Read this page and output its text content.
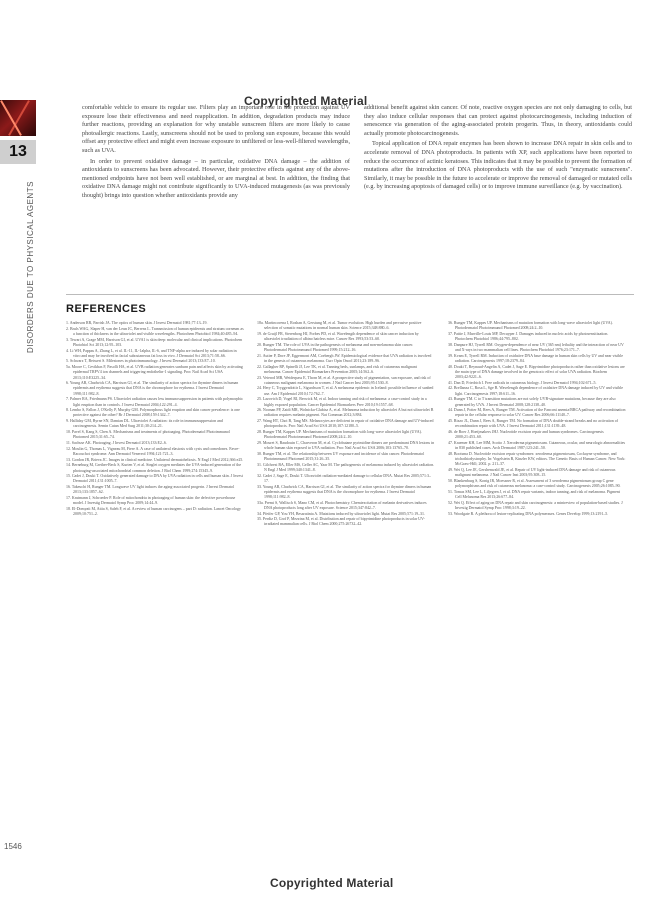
13
DISORDERS DUE TO PHYSICAL AGENTS
1546
Copyrighted Material
Copyrighted Material

comfortable vehicle to ensure its regular use. Filters play an important role in the protection against UV exposure lose their effectiveness and need reapplication. In addition, degradation products may induce further reactions, providing an explanation for why unstable sunscreen filters are more likely to cause photoallergic reactions. Lastly, sunscreens should not be used to prolong sun exposure, because this would offset any protective effect and might even increase exposure to unfiltered or less-well-filtered wavelengths, such as UVA.

In order to prevent oxidative damage – in particular, oxidative DNA damage – the addition of antioxidants to sunscreens has been advocated. However, their protective effects against any of the above-mentioned endpoints have not been well established, or are marginal at best. In addition, the finding that oxidative DNA damage might not contribute significantly to UVA-induced mutagenesis (as was previously thought) brings into question whether antioxidants provide any

additional benefit against skin cancer. Of note, reactive oxygen species are not only damaging to cells, but they also induce cellular responses that can protect against photocarcinogenesis, including induction of senescence via generation of the aging-associated protein progerin. Thus, in theory, antioxidants could actually promote photocarcinogenesis.

Topical application of DNA repair enzymes has been shown to increase DNA repair in skin cells and to accelerate removal of DNA photoproducts. In patients with XP, such applications have been reported to reduce the occurrence of actinic keratoses. This indicates that it may be possible to prevent the formation of mutations after the introduction of DNA photoproducts with the use of such "enzymatic sunscreens". Similarly, it may be possible in the future to accelerate or improve the removal of damaged or mutated cells (e.g. by increasing apoptosis of damaged cells) or to improve immune surveillance (e.g. by vaccination).

REFERENCES
1. Anderson RR, Parrish JA. The optics of human skin. J Invest Dermatol 1981;77:13–19.
2. Bruls WAG, Slaper H, van der Leun JC, Berrens L. Transmission of human epidermis and stratum corneum as a function of thickness in the ultraviolet and visible wavelengths. Photochem Photobiol 1984;40:485–94.
3. Tewari A, Grage MM, Harrison GI, et al. UVA1 is skin deep: molecular and clinical implications. Photochem Photobiol Sci 2013;12:95–103.
4. Li WH, Pappas A, Zhang L, et al. IL-11, IL-1alpha, IL-6, and TNF-alpha are induced by solar radiation in vitro and may be involved in facial subcutaneous fat loss in vivo. J Dermatol Sci 2013;71:58–66.
5. Schwarz T, Beissert S. Milestones in photoimmunology. J Invest Dermatol 2013;133:E7–10.
5a. Moore C, Cevikbas F, Pasolli HA, et al. UVB radiation generates sunburn pain and affects skin by activating epidermal TRPV4 ion channels and triggering endothelin-1 signaling. Proc Natl Acad Sci USA 2013;110:E3225–34.
6. Young AR, Chadwick CA, Harrison GI, et al. The similarity of action spectra for thymine dimers in human epidermis and erythema suggests that DNA is the chromophore for erythema. J Invest Dermatol 1998;111:982–8.
7. Palmer RA, Friedmann PS. Ultraviolet radiation causes less immunosuppression in patients with polymorphic light eruption than in controls. J Invest Dermatol 2004;122:291–4.
8. Lembo S, Fallon J, O'Kelly P, Murphy GM. Polymorphous light eruption and skin cancer prevalence: is one protective against the other? Br J Dermatol 2008;159:1342–7.
9. Halliday GM, Byrne SN, Damian DL. Ultraviolet A radiation: its role in immunosuppression and carcinogenesis. Semin Cutan Med Surg 2011;30:214–21.
10. Pavel S, Kang S, Chen A. Mechanisms and treatments of photoaging. Photodermatol Photoimmunol Photomed 2015;31:65–74.
11. Sachsse AK. Photoaging. J Invest Dermatol 2013;133:E2–6.
12. Moulin G, Thomas L, Vigneau M, Fiere A. A case of unilateral elastosis with cysts and comedones. Favre-Racouchot syndrome. Ann Dermatol Venereol 1994;121:721–3.
13. Gordon JR, Brieva JC. Images in clinical medicine. Unilateral dermatoheliosis. N Engl J Med 2012;366:e25.
14. Berneburg M, Grether-Beck S, Kurten V, et al. Singlet oxygen mediates the UVA-induced generation of the photoaging-associated mitochondrial common deletion. J Biol Chem 1999;274:15345–9.
15. Cadet J, Douki T. Oxidatively generated damage to DNA by UVA radiation in cells and human skin. J Invest Dermatol 2011;131:1005–7.
16. Takeuchi H, Runger TM. Longwave UV light induces the aging-associated progerin. J Invest Dermatol 2013;133:1857–62.
17. Krutmann J, Schroeder P. Role of mitochondria in photoaging of human skin: the defective powerhouse model. J Investig Dermatol Symp Proc 2009;14:44–9.
18. El-Domyati M, Attia S, Saleh F, et al. A review of human carcinogens – part D: radiation. Lancet Oncology 2009;10:751–2.
18a. Martincorena I, Roshan A, Gerstung M, et al. Tumor evolution. High burden and pervasive positive selection of somatic mutations in normal human skin. Science 2015;348:880–6.
19. de Gruijl FR, Sterenborg HJ, Forbes PD, et al. Wavelength dependence of skin cancer induction by ultraviolet irradiation of albino hairless mice. Cancer Res 1993;53:53–60.
20. Runger TM. The role of UVA in the pathogenesis of melanoma and non-melanoma skin cancer. Photodermatol Photoimmunol Photomed 1999;15:212–16.
21. Autier P, Dore JF, Eggermont AM, Coebergh JW. Epidemiological evidence that UVA radiation is involved in the genesis of cutaneous melanoma. Curr Opin Oncol 2011;23:189–96.
22. Gallagher RP, Spinelli JJ, Lee TK, et al. Tanning beds, sunlamps, and risk of cutaneous malignant melanoma. Cancer Epidemiol Biomarkers Prevention 2005;14:562–6.
23. Veierod MB, Weiderpass E, Thorn M, et al. A prospective study of pigmentation, sun exposure, and risk of cutaneous malignant melanoma in women. J Natl Cancer Inst 2003;95:1530–8.
24. Hery C, Tryggvadottir L, Sigurdsson T, et al. A melanoma epidemic in Iceland: possible influence of sunbed use. Am J Epidemiol 2010;172:762–7.
25. Lazovich D, Vogel RI, Berwick M, et al. Indoor tanning and risk of melanoma: a case-control study in a highly exposed population. Cancer Epidemiol Biomarkers Prev 2010;19:1557–68.
26. Noonan FP, Zaidi MR, Wolnicka-Glubisz A, et al. Melanoma induction by ultraviolet A but not ultraviolet B radiation requires melanin pigment. Nat Commun 2012;3:884.
27. Wang HT, Choi B, Tang MS. Melanocytes are deficient in repair of oxidative DNA damage and UV-induced photoproducts. Proc Natl Acad Sci USA 2010;107:12180–5.
28. Runger TM, Kappes UP. Mechanisms of mutation formation with long-wave ultraviolet light (UVA). Photodermatol Photoimmunol Photomed 2008;24:2–10.
29. Mouret S, Baudouin C, Charveron M, et al. Cyclobutane pyrimidine dimers are predominant DNA lesions in whole human skin exposed to UVA radiation. Proc Natl Acad Sci USA 2006;103:13765–70.
30. Runger TM, et al. The relationship between UV exposure and incidence of skin cancer. Photodermatol Photoimmunol Photomed 2015;31:26–35.
31. Gilchrest BA, Eller MS, Geller AC, Yaar M. The pathogenesis of melanoma induced by ultraviolet radiation. N Engl J Med 1999;340:1341–8.
32. Cadet J, Sage E, Douki T. Ultraviolet radiation-mediated damage to cellular DNA. Mutat Res 2005;571:3–17.
33. Young AR, Chadwick CA, Harrison GI, et al. The similarity of action spectra for thymine dimers in human epidermis and erythema suggests that DNA is the chromophore for erythema. J Invest Dermatol 1998;111:982–8.
33a. Premi S, Wallisch S, Mano CM, et al. Photochemistry. Chemiexcitation of melanin derivatives induces DNA photoproducts long after UV exposure. Science 2015;347:842–7.
34. Pfeifer GP, You YH, Besaratinia A. Mutations induced by ultraviolet light. Mutat Res 2005;571:19–31.
35. Perdiz D, Grof P, Mezzina M, et al. Distribution and repair of bipyrimidine photoproducts in solar UV-irradiated mammalian cells. J Biol Chem 2000;275:26732–42.
36. Runger TM, Kappes UP. Mechanisms of mutation formation with long-wave ultraviolet light (UVA). Photodermatol Photoimmunol Photomed 2008;24:2–10.
37. Pattie J, Marville-Louis MP, Decuyper J. Damages induced in nucleic acids by photosensitization. Photochem Photobiol 1986;44:795–802.
38. Danpure HJ, Tyrrell RM. Oxygen-dependence of near UV (365 nm) lethality and the interaction of near UV and X-rays in two mammalian cell lines. Photochem Photobiol 1976;23:171–7.
39. Kvam E, Tyrrell RM. Induction of oxidative DNA base damage in human skin cells by UV and near visible radiation. Carcinogenesis 1997;18:2379–84.
40. Douki T, Reynaud-Angelin A, Cadet J, Sage E. Bipyrimidine photoproducts rather than oxidative lesions are the main type of DNA damage involved in the genotoxic effect of solar UVA radiation. Biochem 2003;42:9221–6.
41. Dan D, Friedrich I. Free radicals in cutaneous biology. J Invest Dermatol 1994;102:671–5.
42. Brellanza C, Rosa L, Sge B. Wavelength dependence of oxidative DNA damage induced by UV and visible light. Carcinogenesis 1997;18:611–16.
43. Runger TM. C to T transition mutations are not solely UVB-signature mutations, because they are also generated by UVA. J Invest Dermatol 2008;128:2138–40.
44. Dunn J, Potter M, Rees A, Runger TM. Activation of the Fanconi anemia/BRCA pathway and recombination repair in the cellular response to solar UV. Cancer Res 2006;66:11140–7.
45. Rizzo JL, Dunn J, Rees A, Runger TM. No formation of DNA double-strand breaks and no activation of recombination repair with UVA. J Invest Dermatol 2011;131:1139–48.
46. de Boer J, Hoeijmakers JHJ. Nucleotide excision repair and human syndromes. Carcinogenesis 2000;21:453–60.
47. Kraemer KH, Lee MM, Scotto J. Xeroderma pigmentosum. Cutaneous, ocular, and neurologic abnormalities in 830 published cases. Arch Dermatol 1987;123:241–50.
48. Bootsma D. Nucleotide excision repair syndromes: xeroderma pigmentosum, Cockayne syndrome, and trichothiodystrophy. In: Vogelstein B, Kinzler KW, editors. The Genetic Basis of Human Cancer. New York: McGraw-Hill; 2002. p. 211–37.
49. Wei Q, Lee JE, Gershenwald JE, et al. Repair of UV light-induced DNA damage and risk of cutaneous malignant melanoma. J Natl Cancer Inst 2003;95:308–15.
50. Blankenburg S, Konig IR, Moessner R, et al. Assessment of 3 xeroderma pigmentosum group C gene polymorphisms and risk of cutaneous melanoma: a case-control study. Carcinogenesis 2005;26:1085–90.
51. Tomas SM, Lee L, Liljegren J, et al. DNA repair variants, indoor tanning, and risk of melanoma. Pigment Cell Melanoma Res 2013;26:677–84.
52. Wei Q. Effect of aging on DNA repair and skin carcinogenesis: a minireview of population-based studies. J Investig Dermatol Symp Proc 1998;3:19–22.
53. Woodgate R. A plethora of lesion-replicating DNA polymerases. Genes Develop 1999;13:2191–5.
